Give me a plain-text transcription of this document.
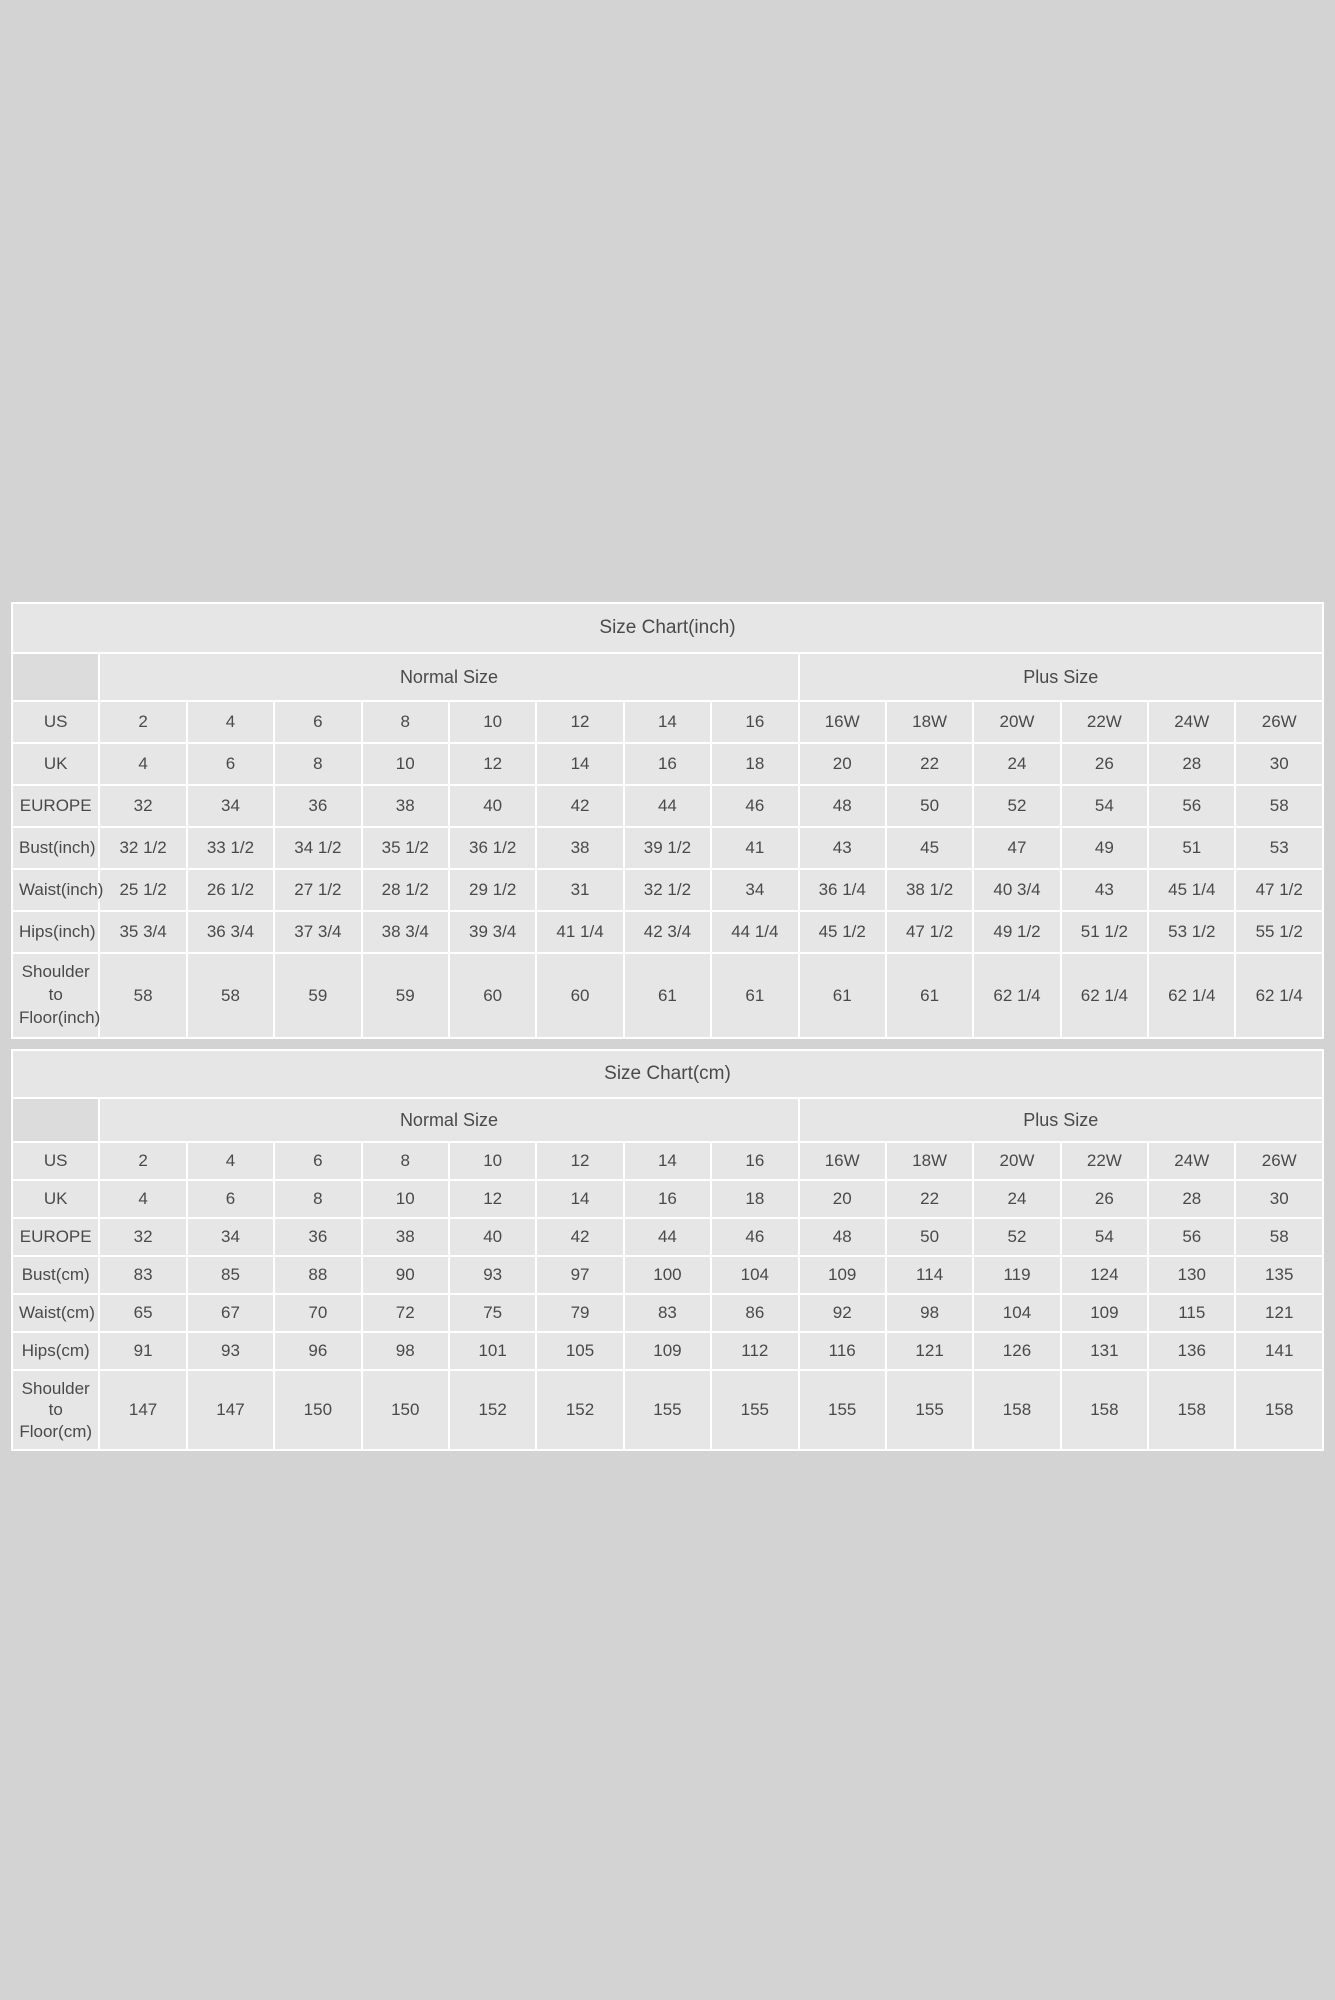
Size Chart(inch)														
	Normal Size								Plus Size					
US	2	4	6	8	10	12	14	16	16W	18W	20W	22W	24W	26W
UK	4	6	8	10	12	14	16	18	20	22	24	26	28	30
EUROPE	32	34	36	38	40	42	44	46	48	50	52	54	56	58
Bust(inch)	32 1/2	33 1/2	34 1/2	35 1/2	36 1/2	38	39 1/2	41	43	45	47	49	51	53
Waist(inch)	25 1/2	26 1/2	27 1/2	28 1/2	29 1/2	31	32 1/2	34	36 1/4	38 1/2	40 3/4	43	45 1/4	47 1/2
Hips(inch)	35 3/4	36 3/4	37 3/4	38 3/4	39 3/4	41 1/4	42 3/4	44 1/4	45 1/2	47 1/2	49 1/2	51 1/2	53 1/2	55 1/2
Shoulder to
Floor(inch)	58	58	59	59	60	60	61	61	61	61	62 1/4	62 1/4	62 1/4	62 1/4
Size Chart(cm)														
	Normal Size								Plus Size					
US	2	4	6	8	10	12	14	16	16W	18W	20W	22W	24W	26W
UK	4	6	8	10	12	14	16	18	20	22	24	26	28	30
EUROPE	32	34	36	38	40	42	44	46	48	50	52	54	56	58
Bust(cm)	83	85	88	90	93	97	100	104	109	114	119	124	130	135
Waist(cm)	65	67	70	72	75	79	83	86	92	98	104	109	115	121
Hips(cm)	91	93	96	98	101	105	109	112	116	121	126	131	136	141
Shoulder to Floor(cm)	147	147	150	150	152	152	155	155	155	155	158	158	158	158
